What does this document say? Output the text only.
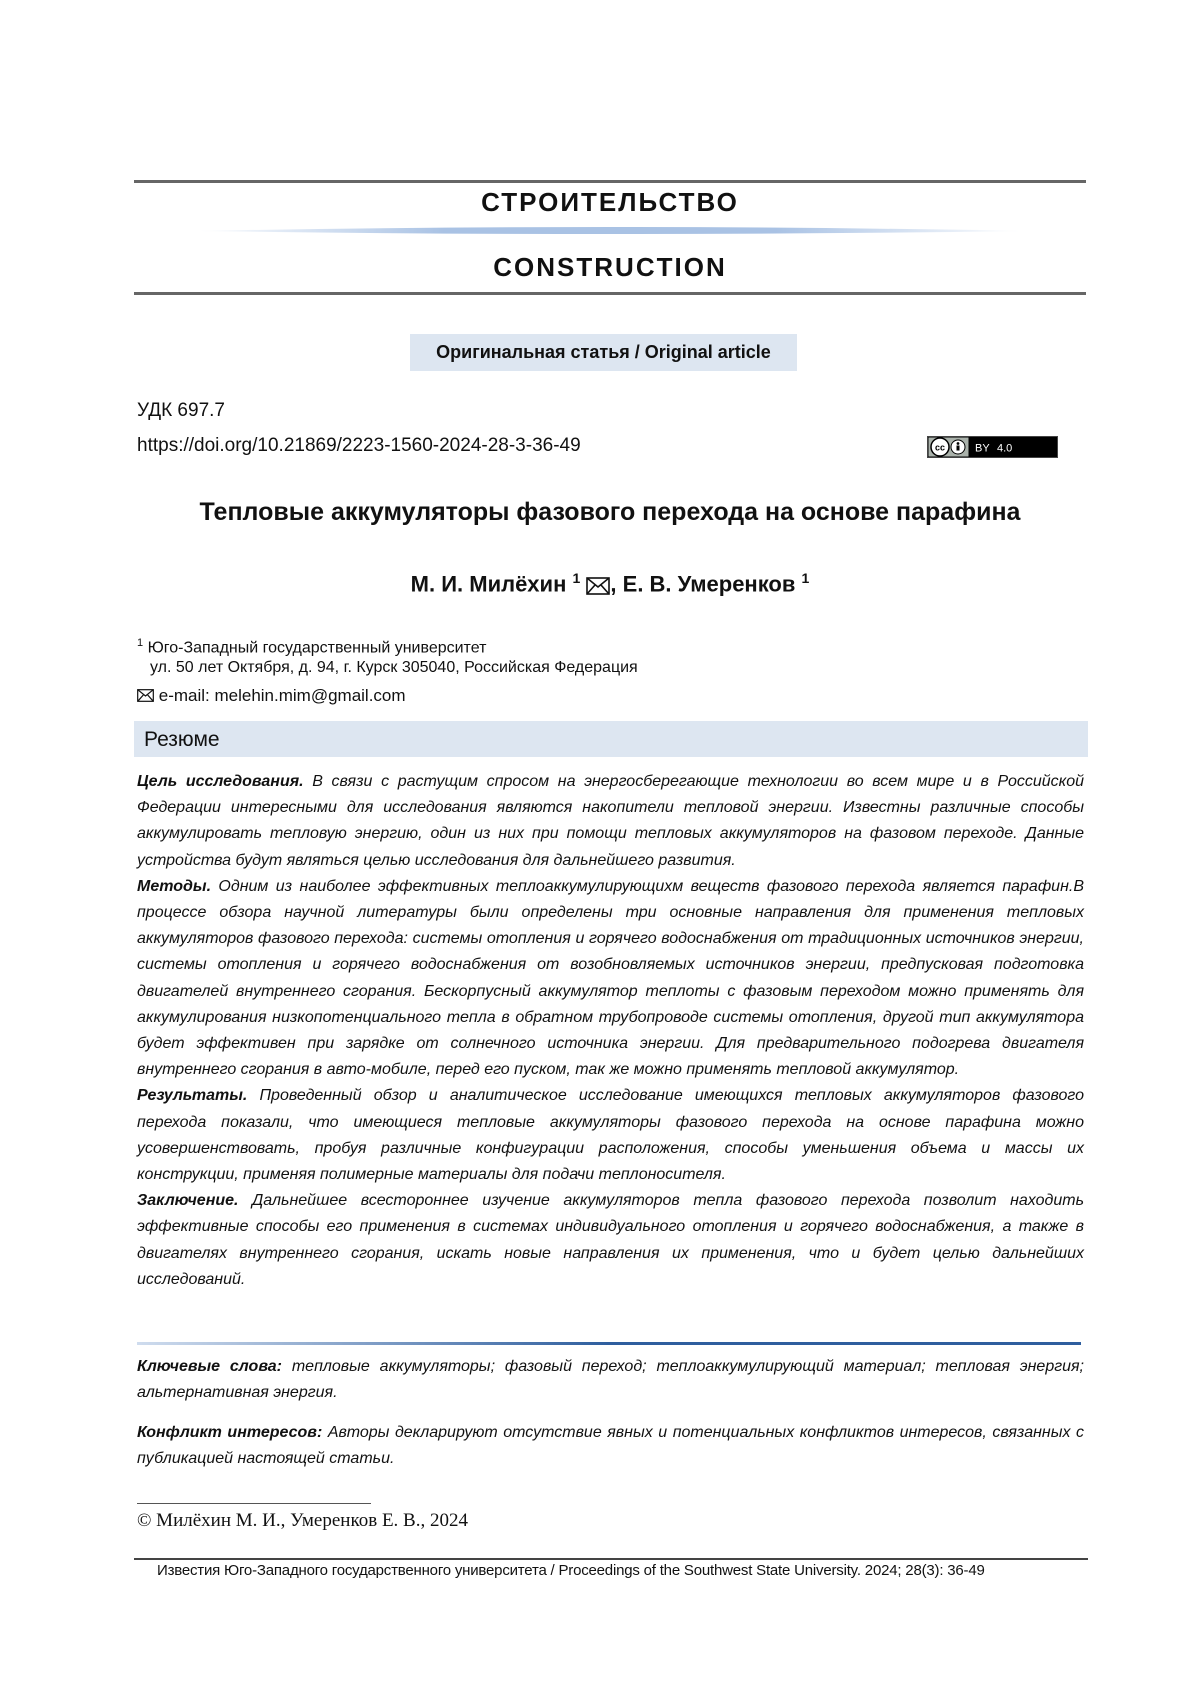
СТРОИТЕЛЬСТВО
CONSTRUCTION
Оригинальная статья / Original article
УДК 697.7
https://doi.org/10.21869/2223-1560-2024-28-3-36-49	cc	BY 4.0
Тепловые аккумуляторы фазового перехода на основе парафина
М. И. Милёхин $^1$ , Е. В. Умеренков $^1$
$^1$ Юго-Западный государственный университет
ул. 50 лет Октября, д. 94, г. Курск 305040, Российская Федерация
e-mail: melehin.mim@gmail.com
Резюме

Цель исследования. В связи с растущим спросом на энергосберегающие технологии во всем мире и в Российской Федерации интересными для исследования являются накопители тепловой энергии. Известны различные способы аккумулировать тепловую энергию, один из них при помощи тепловых аккумуляторов на фазовом переходе. Данные устройства будут являться целью исследования для дальнейшего развития.

Методы. Одним из наиболее эффективных теплоаккумулирующихм веществ фазового перехода является парафин.В процессе обзора научной литературы были определены три основные направления для применения тепловых аккумуляторов фазового перехода: системы отопления и горячего водоснабжения от традиционных источников энергии, системы отопления и горячего водоснабжения от возобновляемых источников энергии, предпусковая подготовка двигателей внутреннего сгорания. Бескорпусный аккумулятор теплоты с фазовым переходом можно применять для аккумулирования низкопотенциального тепла в обратном трубопроводе системы отопления, другой тип аккумулятора будет эффективен при зарядке от солнечного источника энергии. Для предварительного подогрева двигателя внутреннего сгорания в авто-мобиле, перед его пуском, так же можно применять тепловой аккумулятор.

Результаты. Проведенный обзор и аналитическое исследование имеющихся тепловых аккумуляторов фазового перехода показали, что имеющиеся тепловые аккумуляторы фазового перехода на основе парафина можно усовершенствовать, пробуя различные конфигурации расположения, способы уменьшения объема и массы их конструкции, применяя полимерные материалы для подачи теплоносителя.

Заключение. Дальнейшее всестороннее изучение аккумуляторов тепла фазового перехода позволит находить эффективные способы его применения в системах индивидуального отопления и горячего водоснабжения, а также в двигателях внутреннего сгорания, искать новые направления их применения, что и будет целью дальнейших исследований.

Ключевые слова: тепловые аккумуляторы; фазовый переход; теплоаккумулирующий материал; тепловая энергия; альтернативная энергия.
Конфликт интересов: Авторы декларируют отсутствие явных и потенциальных конфликтов интересов, связанных с публикацией настоящей статьи.
© Милёхин М. И., Умеренков Е. В., 2024
Известия Юго-Западного государственного университета / Proceedings of the Southwest State University. 2024; 28(3): 36-49
